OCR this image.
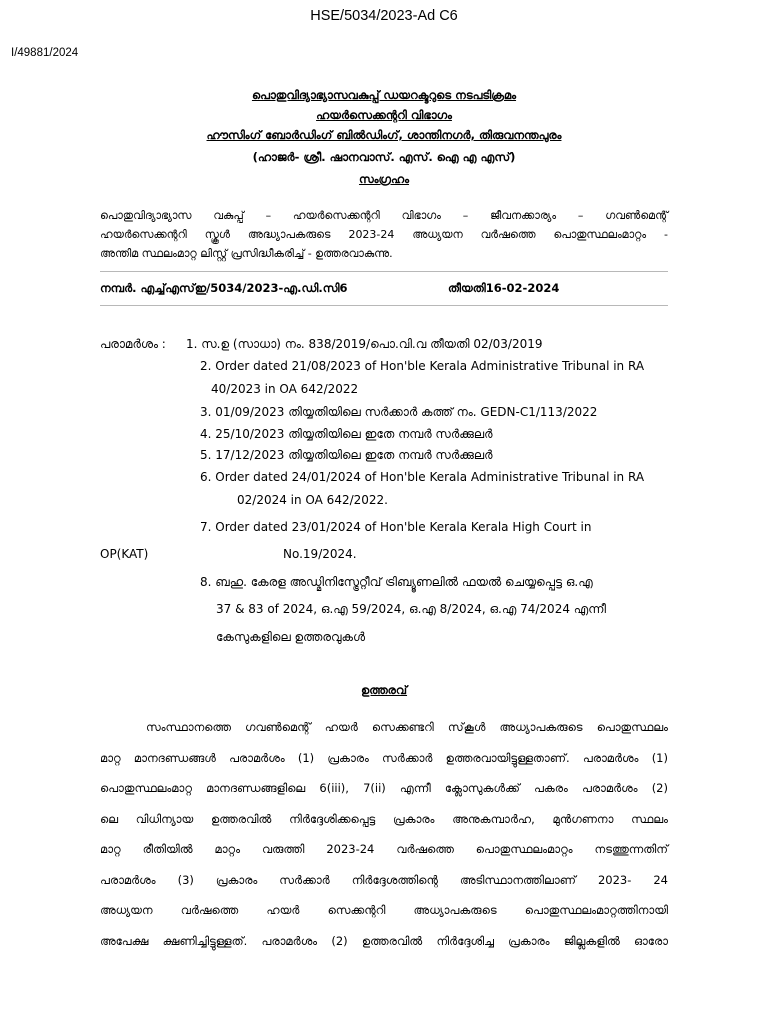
HSE/5034/2023-Ad C6
I/49881/2024
പൊതുവിദ്യാഭ്യാസവകുപ്പ് ഡയറക്ടറുടെ നടപടിക്രമം
ഹയർസെക്കന്ററി വിഭാഗം
ഹൗസിംഗ് ബോർഡിംഗ് ബിൽഡിംഗ്, ശാന്തിനഗർ, തിരുവനന്തപുരം
(ഹാജർ- ശ്രീ. ഷാനവാസ്. എസ്. ഐ എ എസ്)
സംഗ്രഹം
പൊതുവിദ്യാഭ്യാസ വകുപ്പ് – ഹയർസെക്കന്ററി വിഭാഗം – ജീവനക്കാര്യം – ഗവൺമെന്റ്
ഹയർസെക്കന്ററി സ്കൂൾ അദ്ധ്യാപകരുടെ 2023-24 അധ്യയന വർഷത്തെ പൊതുസ്ഥലംമാറ്റം -
അന്തിമ സ്ഥലംമാറ്റ ലിസ്റ്റ് പ്രസിദ്ധീകരിച്ച് - ഉത്തരവാകുന്നു.
നമ്പർ. എച്ച്എസ്ഇ/5034/2023-എ.ഡി.സി6	തീയതി16-02-2024
പരാമർശം : 1. സ.ഉ (സാധാ) നം. 838/2019/പൊ.വി.വ തീയതി 02/03/2019
2. Order dated 21/08/2023 of Hon'ble Kerala Administrative Tribunal in RA
40/2023 in OA 642/2022
3. 01/09/2023 തിയ്യതിയിലെ സർക്കാർ കത്ത് നം. GEDN-C1/113/2022
4. 25/10/2023 തിയ്യതിയിലെ ഇതേ നമ്പർ സർക്കുലർ
5. 17/12/2023 തിയ്യതിയിലെ ഇതേ നമ്പർ സർക്കുലർ
6. Order dated 24/01/2024 of Hon'ble Kerala Administrative Tribunal in RA
02/2024 in OA 642/2022.
7. Order dated 23/01/2024 of Hon'ble Kerala Kerala High Court in
OP(KAT)	No.19/2024.
8. ബഹു. കേരള അഡ്മിനിസ്ട്രേറ്റീവ് ട്രിബ്യൂണലിൽ ഫയൽ ചെയ്യപ്പെട്ട ഒ.എ
37 & 83 of 2024, ഒ.എ 59/2024, ഒ.എ 8/2024, ഒ.എ 74/2024 എന്നീ
കേസുകളിലെ ഉത്തരവുകൾ
ഉത്തരവ്
സംസ്ഥാനത്തെ ഗവൺമെന്റ് ഹയർ സെക്കണ്ടറി സ്‌കൂൾ അധ്യാപകരുടെ പൊതുസ്ഥലം
മാറ്റ മാനദണ്ഡങ്ങൾ പരാമർശം (1) പ്രകാരം സർക്കാർ ഉത്തരവായിട്ടുള്ളതാണ്. പരാമർശം (1)
പൊതുസ്ഥലംമാറ്റ മാനദണ്ഡങ്ങളിലെ 6(iii), 7(ii) എന്നീ ക്ലോസുകൾക്ക് പകരം പരാമർശം (2)
ലെ വിധിന്യായ ഉത്തരവിൽ നിർദ്ദേശിക്കപ്പെട്ട പ്രകാരം അനുകമ്പാർഹ, മുൻഗണനാ സ്ഥലം
മാറ്റ രീതിയിൽ മാറ്റം വരുത്തി 2023-24 വർഷത്തെ പൊതുസ്ഥലംമാറ്റം നടത്തുന്നതിന്
പരാമർശം (3) പ്രകാരം സർക്കാർ നിർദ്ദേശത്തിന്റെ അടിസ്ഥാനത്തിലാണ് 2023- 24
അധ്യയന വർഷത്തെ ഹയർ സെക്കന്ററി അധ്യാപകരുടെ പൊതുസ്ഥലംമാറ്റത്തിനായി
അപേക്ഷ ക്ഷണിച്ചിട്ടുള്ളത്. പരാമർശം (2) ഉത്തരവിൽ നിർദ്ദേശിച്ച പ്രകാരം ജില്ലകളിൽ ഓരോ
